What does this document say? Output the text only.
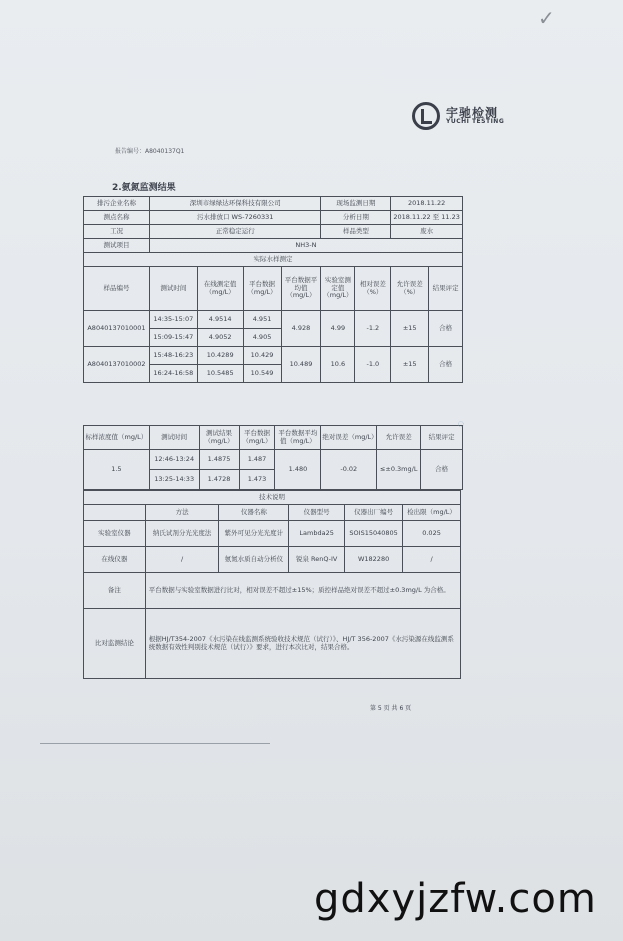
✓
宇驰检测
YUCHI TESTING
报告编号：A8040137Q1
2.氨氮监测结果
排污企业名称	深圳市绿绿达环保科技有限公司				现场监测日期		2018.11.22	
测点名称	污水排放口 WS-7260331				分析日期		2018.11.22 至 11.23	
工况	正常稳定运行				样品类型		废水	
测试项目	NH3-N							
实际水样测定								
样品编号	测试时间	在线测定值（mg/L）	平台数据（mg/L）	平台数据平均值（mg/L）	实验室测定值（mg/L）	相对误差（%）	允许误差（%）	结果评定
A8040137010001	14:35-15:07	4.9514	4.951	4.928	4.99	-1.2	±15	合格
	15:09-15:47	4.9052	4.905					
A8040137010002	15:48-16:23	10.4289	10.429	10.489	10.6	-1.0	±15	合格
	16:24-16:58	10.5485	10.549					
标样浓度值（mg/L）	测试时间	测试结果（mg/L）	平台数据（mg/L）	平台数据平均值（mg/L）	绝对误差（mg/L）	允许误差	结果评定
1.5	12:46-13:24	1.4875	1.487	1.480	-0.02	≤±0.3mg/L	合格
	13:25-14:33	1.4728	1.473				
技术说明					
	方法	仪器名称	仪器型号	仪器出厂编号	检出限（mg/L）
实验室仪器	纳氏试剂分光光度法	紫外可见分光光度计	Lambda25	SOIS15040805	0.025
在线仪器	/	氨氮水质自动分析仪	锐泉 RenQ-IV	W182280	/
备注	平台数据与实验室数据进行比对，相对误差不超过±15%；质控样品绝对误差不超过±0.3mg/L 为合格。				
比对监测结论	根据HJ/T354-2007《水污染在线监测系统验收技术规范（试行）》、HJ/T 356-2007《水污染源在线监测系统数据有效性判别技术规范（试行）》要求，进行本次比对，结果合格。				
◌
第 5 页 共 6 页
gdxyjzfw.com
